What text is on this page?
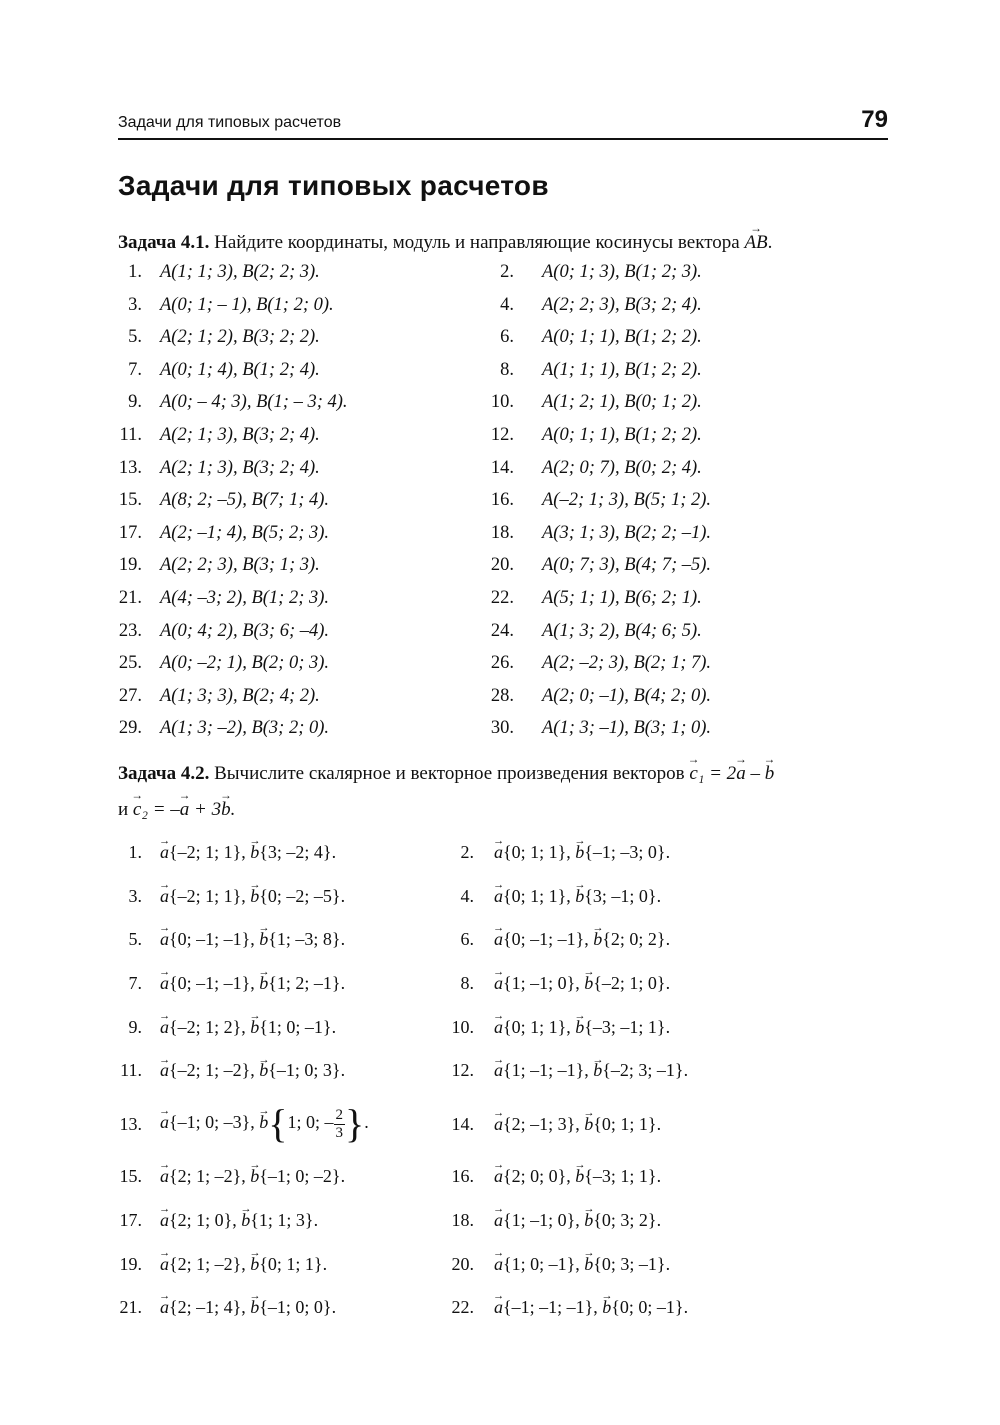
Задачи для типовых расчетов	79
Задачи для типовых расчетов
Задача 4.1. Найдите координаты, модуль и направляющие косинусы вектора AB →.
1. A(1; 1; 3), B(2; 2; 3).	2. A(0; 1; 3), B(1; 2; 3).
3. A(0; 1; – 1), B(1; 2; 0).	4. A(2; 2; 3), B(3; 2; 4).
5. A(2; 1; 2), B(3; 2; 2).	6. A(0; 1; 1), B(1; 2; 2).
7. A(0; 1; 4), B(1; 2; 4).	8. A(1; 1; 1), B(1; 2; 2).
9. A(0; – 4; 3), B(1; – 3; 4).	10. A(1; 2; 1), B(0; 1; 2).
11. A(2; 1; 3), B(3; 2; 4).	12. A(0; 1; 1), B(1; 2; 2).
13. A(2; 1; 3), B(3; 2; 4).	14. A(2; 0; 7), B(0; 2; 4).
15. A(8; 2; –5), B(7; 1; 4).	16. A(–2; 1; 3), B(5; 1; 2).
17. A(2; –1; 4), B(5; 2; 3).	18. A(3; 1; 3), B(2; 2; –1).
19. A(2; 2; 3), B(3; 1; 3).	20. A(0; 7; 3), B(4; 7; –5).
21. A(4; –3; 2), B(1; 2; 3).	22. A(5; 1; 1), B(6; 2; 1).
23. A(0; 4; 2), B(3; 6; –4).	24. A(1; 3; 2), B(4; 6; 5).
25. A(0; –2; 1), B(2; 0; 3).	26. A(2; –2; 3), B(2; 1; 7).
27. A(1; 3; 3), B(2; 4; 2).	28. A(2; 0; –1), B(4; 2; 0).
29. A(1; 3; –2), B(3; 2; 0).	30. A(1; 3; –1), B(3; 1; 0).
Задача 4.2. Вычислите скалярное и векторное произведения векторов c →₁ = 2a → – b →
и c →₂ = –a → + 3b →.
1. a →{–2; 1; 1}, b →{3; –2; 4}.	2. a →{0; 1; 1}, b →{–1; –3; 0}.
3. a →{–2; 1; 1}, b →{0; –2; –5}.	4. a →{0; 1; 1}, b →{3; –1; 0}.
5. a →{0; –1; –1}, b →{1; –3; 8}.	6. a →{0; –1; –1}, b →{2; 0; 2}.
7. a →{0; –1; –1}, b →{1; 2; –1}.	8. a →{1; –1; 0}, b →{–2; 1; 0}.
9. a →{–2; 1; 2}, b →{1; 0; –1}.	10. a →{0; 1; 1}, b →{–3; –1; 1}.
11. a →{–2; 1; –2}, b →{–1; 0; 3}.	12. a →{1; –1; –1}, b →{–2; 3; –1}.
13. a →{–1; 0; –3}, b →{1; 0; – $\frac{2}{3}$ }.	14. a →{2; –1; 3}, b →{0; 1; 1}.
15. a →{2; 1; –2}, b →{–1; 0; –2}.	16. a →{2; 0; 0}, b →{–3; 1; 1}.
17. a →{2; 1; 0}, b →{1; 1; 3}.	18. a →{1; –1; 0}, b →{0; 3; 2}.
19. a →{2; 1; –2}, b →{0; 1; 1}.	20. a →{1; 0; –1}, b →{0; 3; –1}.
21. a →{2; –1; 4}, b →{–1; 0; 0}.	22. a →{–1; –1; –1}, b →{0; 0; –1}.
